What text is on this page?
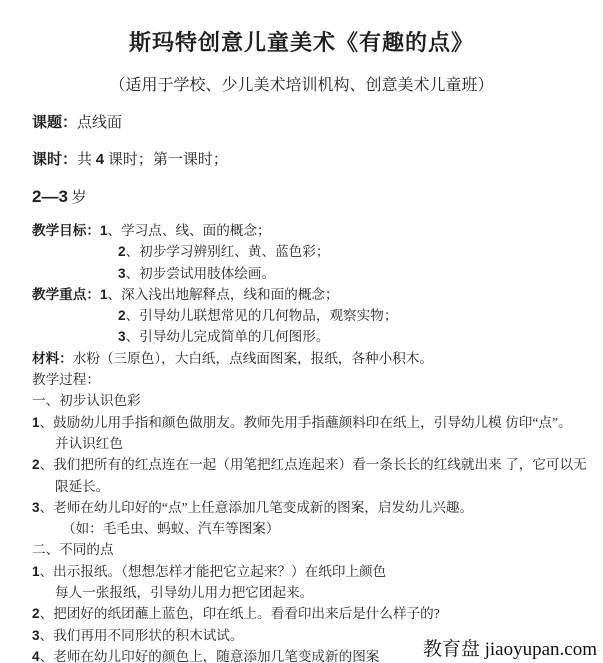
斯玛特创意儿童美术《有趣的点》
（适用于学校、少儿美术培训机构、创意美术儿童班）
课题：点线面
课时：共 4 课时；第一课时；
2—3 岁
教学目标：1、学习点、线、面的概念；
2、初步学习辨别红、黄、蓝色彩；
3、初步尝试用肢体绘画。
教学重点：1、深入浅出地解释点，线和面的概念；
2、引导幼儿联想常见的几何物品，观察实物；
3、引导幼儿完成简单的几何图形。
材料：水粉（三原色），大白纸，点线面图案，报纸，各种小积木。
教学过程：
一、初步认识色彩
1、鼓励幼儿用手指和颜色做朋友。教师先用手指蘸颜料印在纸上，引导幼儿模 仿印“点”。
并认识红色
2、我们把所有的红点连在一起（用笔把红点连起来）看一条长长的红线就出来 了，它可以无
限延长。
3、老师在幼儿印好的“点”上任意添加几笔变成新的图案，启发幼儿兴趣。
（如：毛毛虫、蚂蚁、汽车等图案）
二、不同的点
1、出示报纸。（想想怎样才能把它立起来？）在纸印上颜色
每人一张报纸，引导幼儿用力把它团起来。
2、把团好的纸团蘸上蓝色，印在纸上。看看印出来后是什么样子的?
3、我们再用不同形状的积木试试。
4、老师在幼儿印好的颜色上，随意添加几笔变成新的图案	教育盘 jiaoyupan.com
